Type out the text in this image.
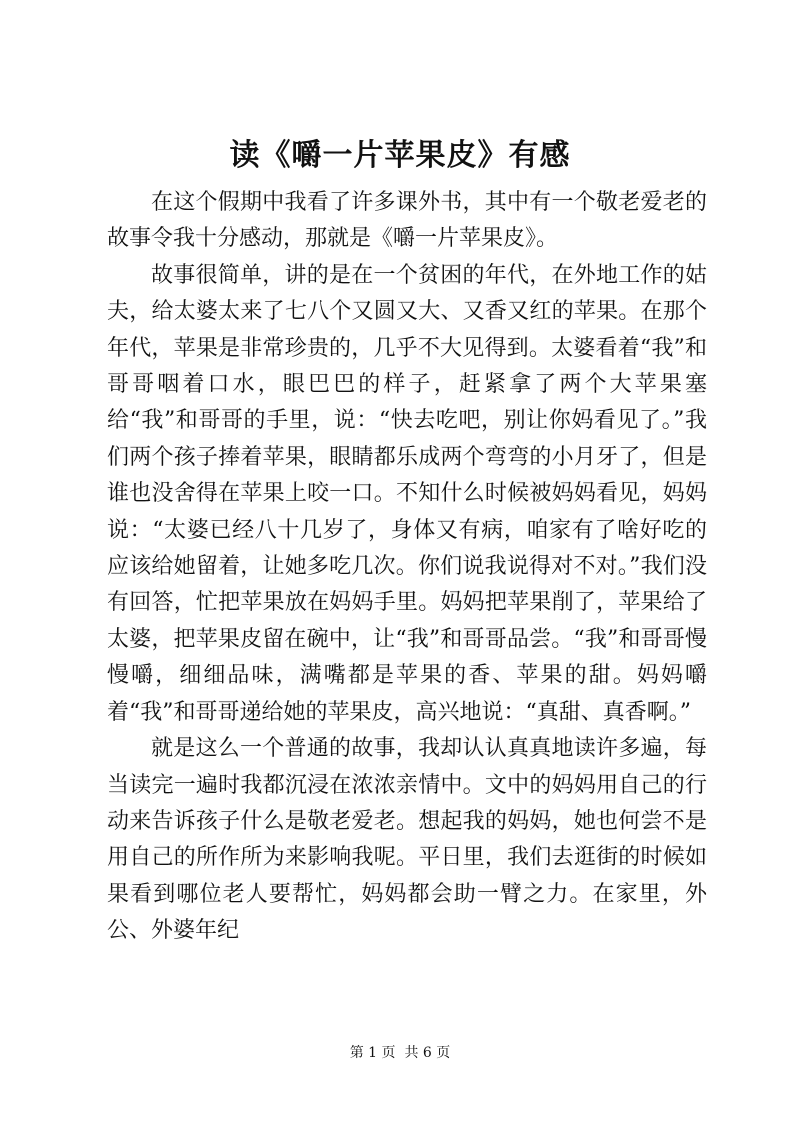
读《嚼一片苹果皮》有感

在这个假期中我看了许多课外书，其中有一个敬老爱老的故事令我十分感动，那就是《嚼一片苹果皮》。

故事很简单，讲的是在一个贫困的年代，在外地工作的姑夫，给太婆太来了七八个又圆又大、又香又红的苹果。在那个年代，苹果是非常珍贵的，几乎不大见得到。太婆看着“我”和哥哥咽着口水，眼巴巴的样子，赶紧拿了两个大苹果塞给“我”和哥哥的手里，说：“快去吃吧，别让你妈看见了。”我们两个孩子捧着苹果，眼睛都乐成两个弯弯的小月牙了，但是谁也没舍得在苹果上咬一口。不知什么时候被妈妈看见，妈妈说：“太婆已经八十几岁了，身体又有病，咱家有了啥好吃的应该给她留着，让她多吃几次。你们说我说得对不对。”我们没有回答，忙把苹果放在妈妈手里。妈妈把苹果削了，苹果给了太婆，把苹果皮留在碗中，让“我”和哥哥品尝。“我”和哥哥慢慢嚼，细细品味，满嘴都是苹果的香、苹果的甜。妈妈嚼着“我”和哥哥递给她的苹果皮，高兴地说：“真甜、真香啊。”

就是这么一个普通的故事，我却认认真真地读许多遍，每当读完一遍时我都沉浸在浓浓亲情中。文中的妈妈用自己的行动来告诉孩子什么是敬老爱老。想起我的妈妈，她也何尝不是用自己的所作所为来影响我呢。平日里，我们去逛街的时候如果看到哪位老人要帮忙，妈妈都会助一臂之力。在家里，外公、外婆年纪

第 1 页  共 6 页
